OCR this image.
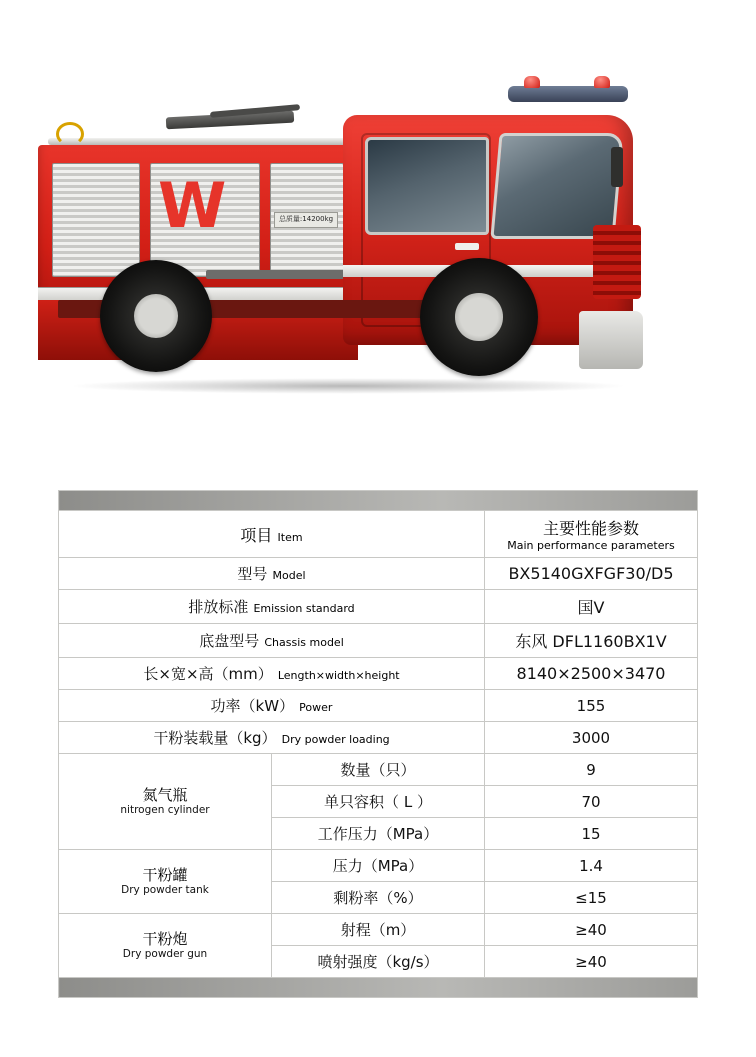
W	总质量:14200kg

项目 Item		主要性能参数
Main performance parameters

型号 Model		BX5140GXFGF30/D5
排放标准 Emission standard		国Ⅴ
底盘型号 Chassis model		东风 DFL1160BX1V
长×宽×高（mm） Length×width×height		8140×2500×3470
功率（kW） Power		155
干粉装载量（kg） Dry powder loading		3000
氮气瓶
nitrogen cylinder	数量（只）	9
	单只容积（ L ）	70
	工作压力（MPa）	15
干粉罐
Dry powder tank	压力（MPa）	1.4
	剩粉率（%）	≤15
干粉炮
Dry powder gun	射程（m）	≥40
	喷射强度（kg/s）	≥40
